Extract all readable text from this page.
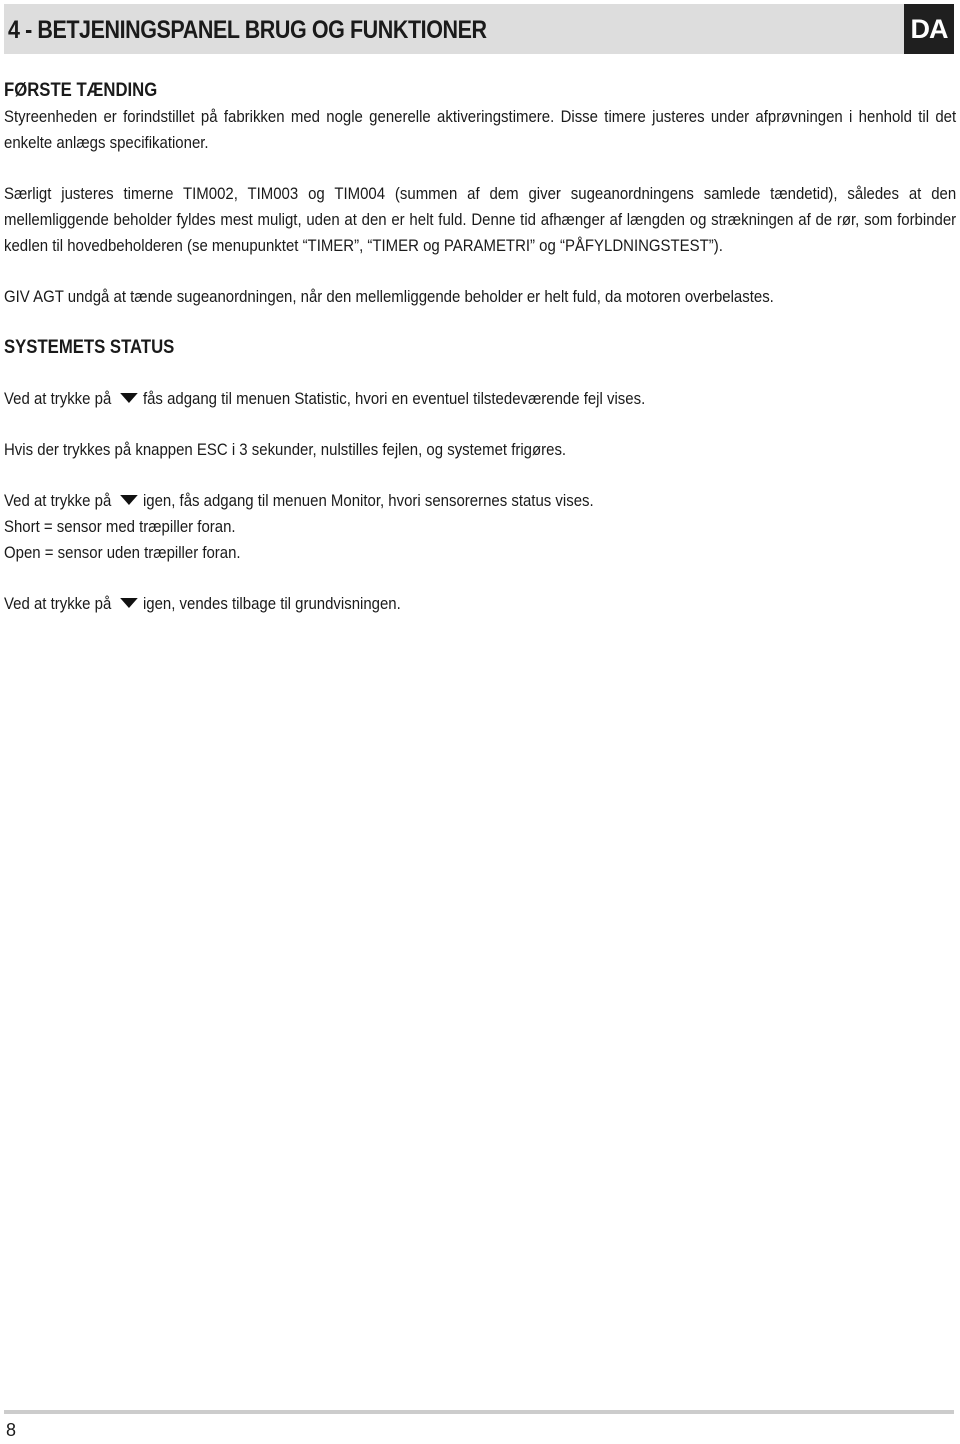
4 - BETJENINGSPANEL BRUG OG FUNKTIONER	DA
FØRSTE TÆNDING

Styreenheden er forindstillet på fabrikken med nogle generelle aktiveringstimere. Disse timere justeres under afprøvningen i henhold til det enkelte anlægs specifikationer.

Særligt justeres timerne TIM002, TIM003 og TIM004 (summen af dem giver sugeanordningens samlede tændetid), således at den mellemliggende beholder fyldes mest muligt, uden at den er helt fuld. Denne tid afhænger af længden og strækningen af de rør, som forbinder kedlen til hovedbeholderen (se menupunktet “TIMER”, “TIMER og PARAMETRI” og “PÅFYLDNINGSTEST”).

GIV AGT undgå at tænde sugeanordningen, når den mellemliggende beholder er helt fuld, da motoren overbelastes.

SYSTEMETS STATUS

Ved at trykke på fås adgang til menuen Statistic, hvori en eventuel tilstedeværende fejl vises.

Hvis der trykkes på knappen ESC i 3 sekunder, nulstilles fejlen, og systemet frigøres.

Ved at trykke på igen, fås adgang til menuen Monitor, hvori sensorernes status vises.

Short = sensor med træpiller foran.

Open = sensor uden træpiller foran.

Ved at trykke på igen, vendes tilbage til grundvisningen.

8
